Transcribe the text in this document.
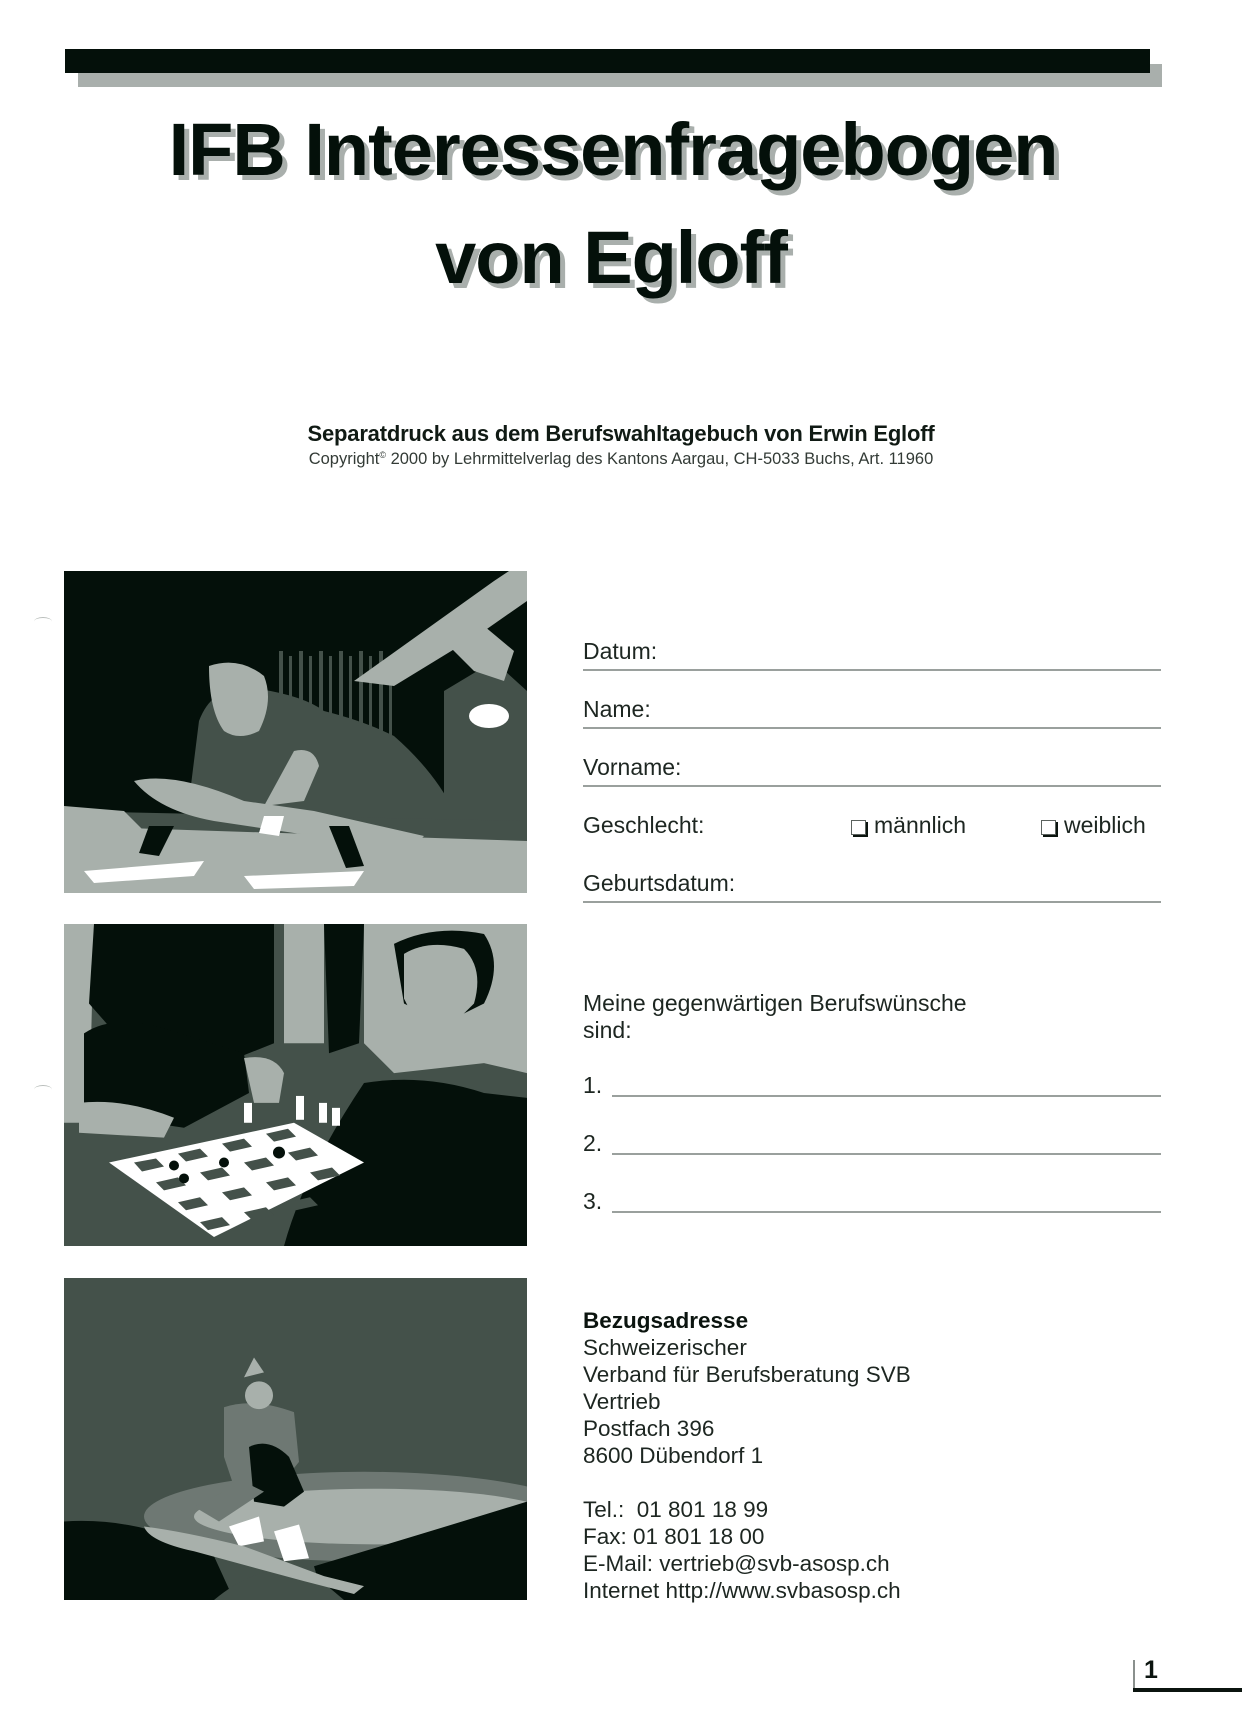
IFB Interessenfragebogen
von Egloff
Separatdruck aus dem Berufswahltagebuch von Erwin Egloff
Copyright© 2000 by Lehrmittelverlag des Kantons Aargau, CH-5033 Buchs, Art. 11960
Datum:
Name:
Vorname:
Geschlecht:	männlich	weiblich
Geburtsdatum:
Meine gegenwärtigen Berufswünsche
sind:
1.
2.
3.
Bezugsadresse
Schweizerischer
Verband für Berufsberatung SVB
Vertrieb
Postfach 396
8600 Dübendorf 1
Tel.:  01 801 18 99
Fax: 01 801 18 00
E-Mail: vertrieb@svb-asosp.ch
Internet http://www.svbasosp.ch
1
